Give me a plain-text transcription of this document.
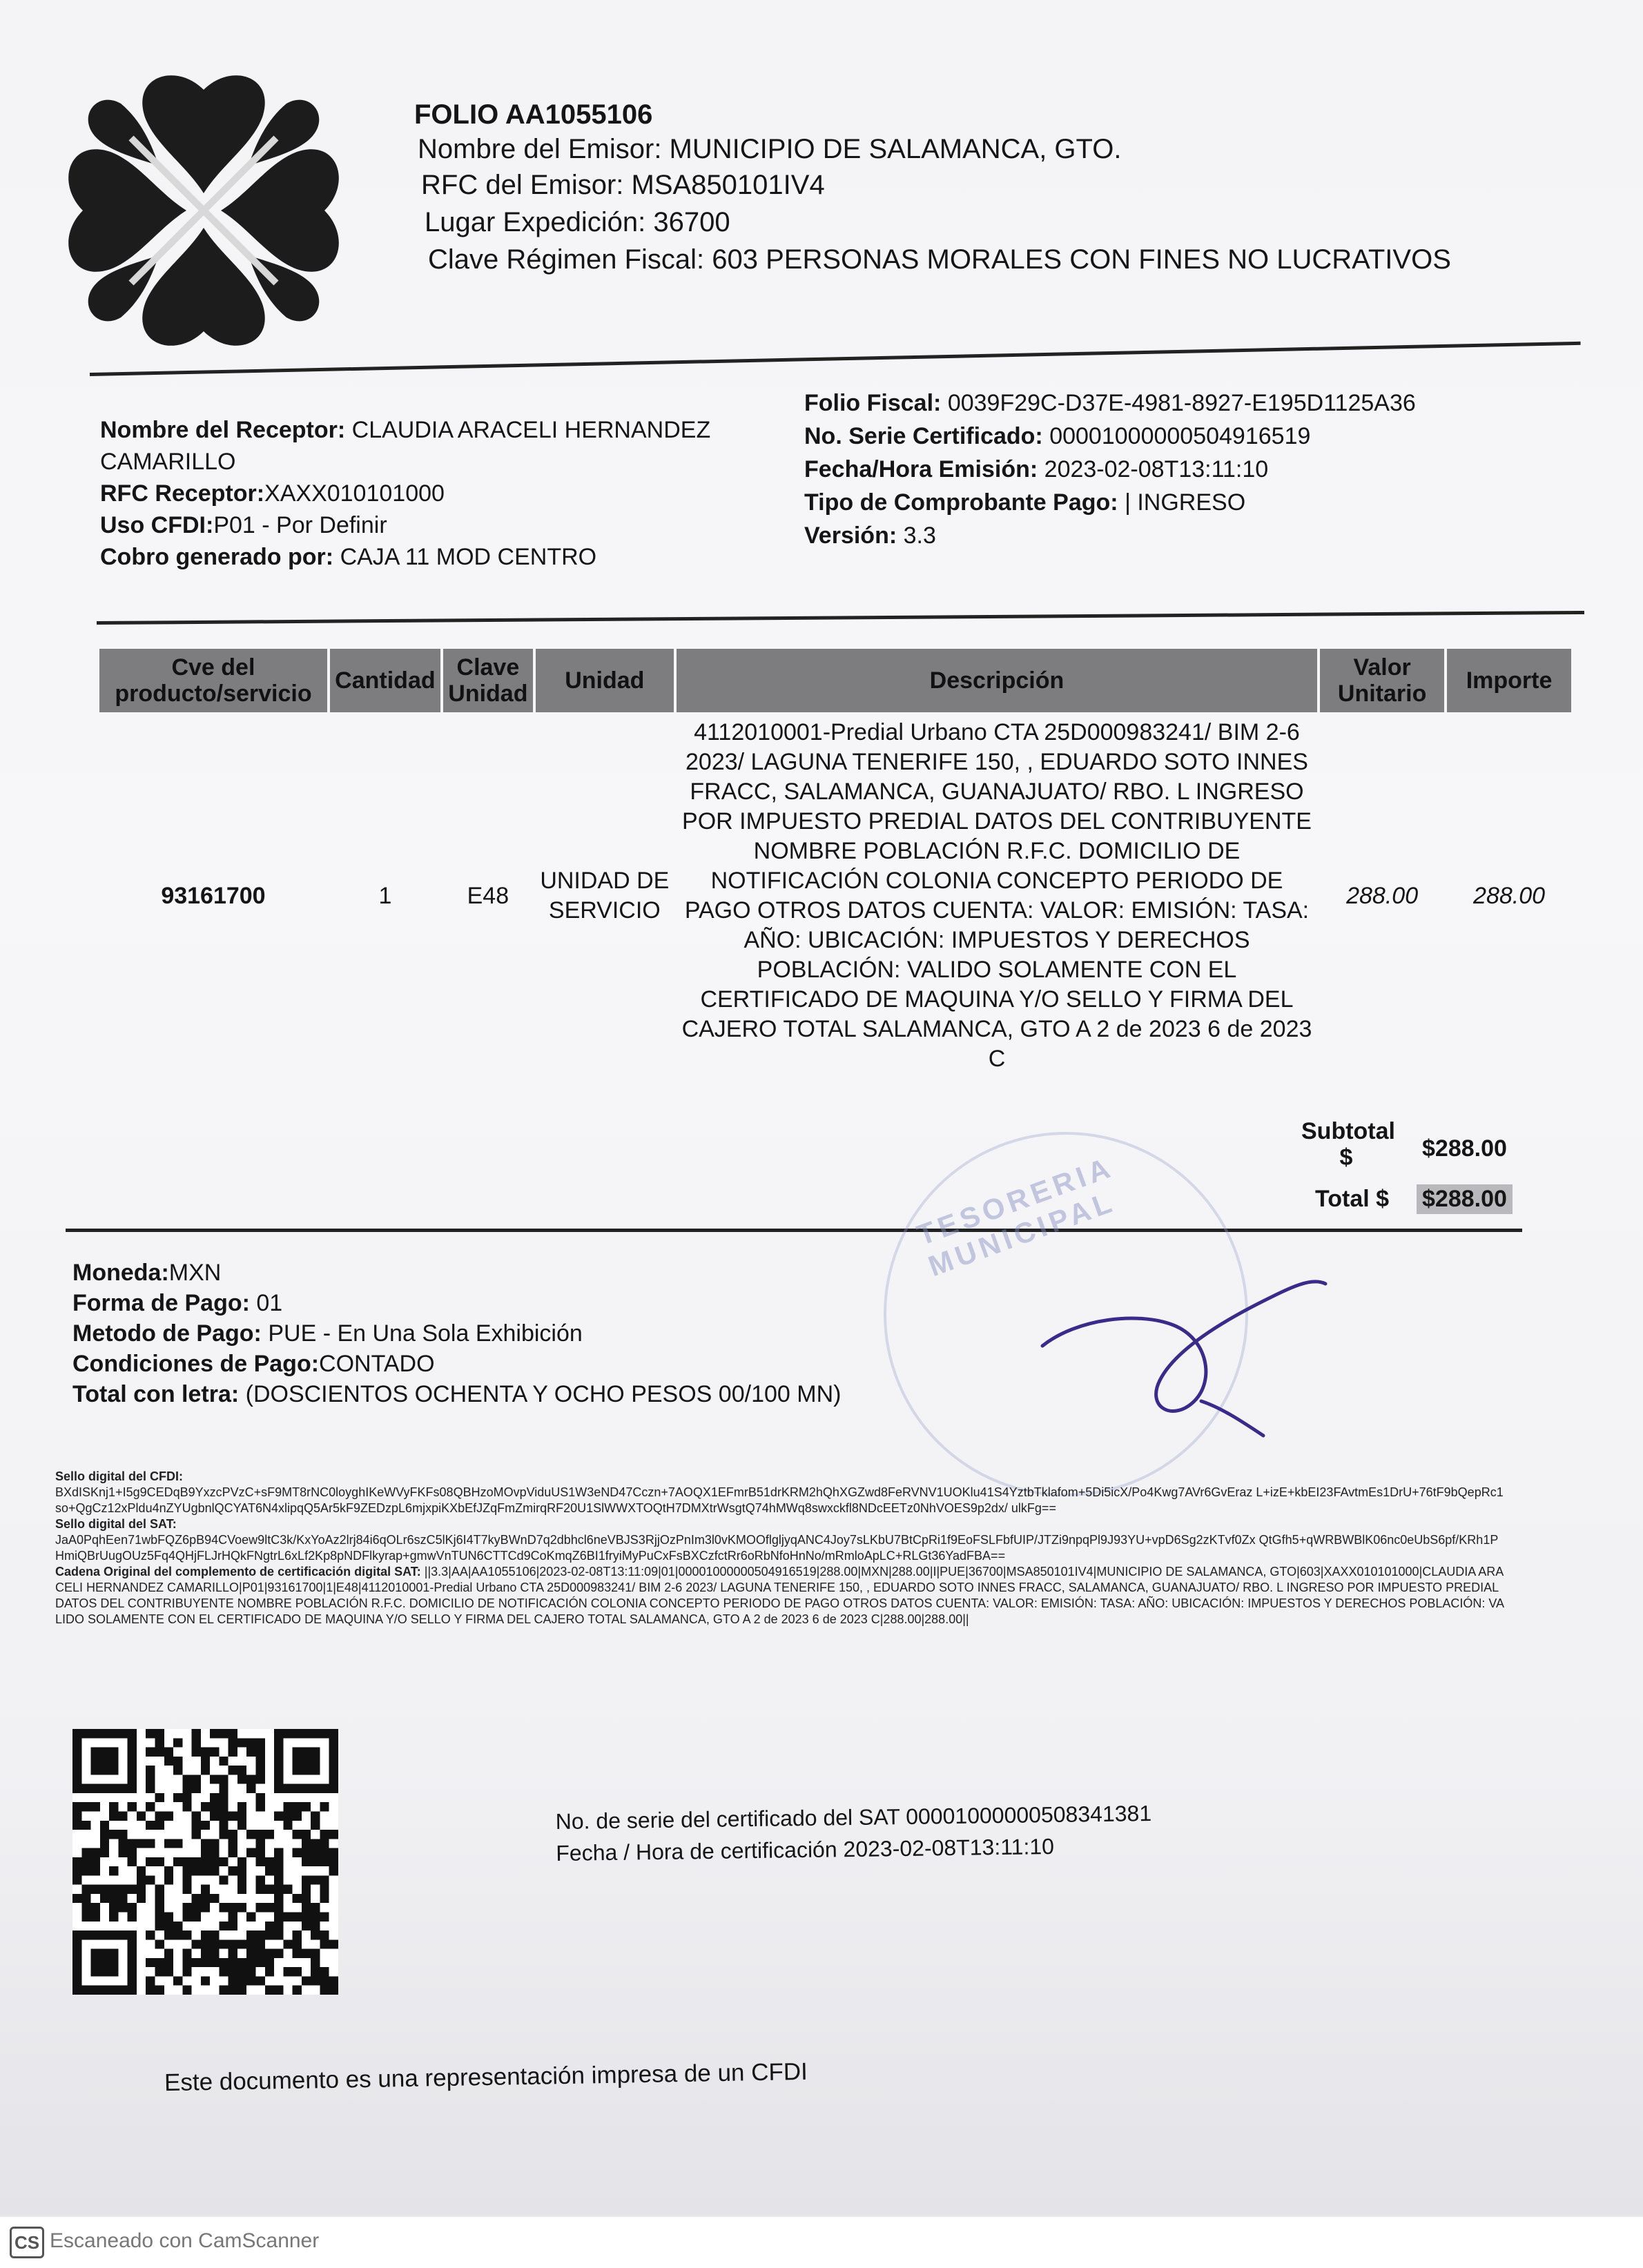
FOLIO AA1055106
Nombre del Emisor: MUNICIPIO DE SALAMANCA, GTO.
RFC del Emisor: MSA850101IV4
Lugar Expedición: 36700
Clave Régimen Fiscal: 603 PERSONAS MORALES CON FINES NO LUCRATIVOS
Nombre del Receptor: CLAUDIA ARACELI HERNANDEZ
CAMARILLO
RFC Receptor:XAXX010101000
Uso CFDI:P01 - Por Definir
Cobro generado por: CAJA 11 MOD CENTRO
Folio Fiscal: 0039F29C-D37E-4981-8927-E195D1125A36
No. Serie Certificado: 00001000000504916519
Fecha/Hora Emisión: 2023-02-08T13:11:10
Tipo de Comprobante Pago: | INGRESO
Versión: 3.3
Cve del producto/servicio	Cantidad	Clave Unidad	Unidad	Descripción	Valor Unitario	Importe
93161700	1	E48	UNIDAD DE SERVICIO	4112010001-Predial Urbano CTA 25D000983241/ BIM 2-6 2023/ LAGUNA TENERIFE 150, , EDUARDO SOTO INNES FRACC, SALAMANCA, GUANAJUATO/ RBO. L INGRESO POR IMPUESTO PREDIAL DATOS DEL CONTRIBUYENTE NOMBRE POBLACIÓN R.F.C. DOMICILIO DE NOTIFICACIÓN COLONIA CONCEPTO PERIODO DE PAGO OTROS DATOS CUENTA: VALOR: EMISIÓN: TASA: AÑO: UBICACIÓN: IMPUESTOS Y DERECHOS POBLACIÓN: VALIDO SOLAMENTE CON EL CERTIFICADO DE MAQUINA Y/O SELLO Y FIRMA DEL CAJERO TOTAL SALAMANCA, GTO A 2 de 2023 6 de 2023 C	288.00	288.00
Subtotal $	$288.00
Total $ $288.00
TESORERIA MUNICIPAL
Moneda:MXN
Forma de Pago: 01
Metodo de Pago: PUE - En Una Sola Exhibición
Condiciones de Pago:CONTADO
Total con letra: (DOSCIENTOS OCHENTA Y OCHO PESOS 00/100 MN)
Sello digital del CFDI:
BXdISKnj1+I5g9CEDqB9YxzcPVzC+sF9MT8rNC0loyghIKeWVyFKFs08QBHzoMOvpViduUS1W3eND47Cczn+7AOQX1EFmrB51drKRM2hQhXGZwd8FeRVNV1UOKlu41S4YztbTklafom+5Di5icX/Po4Kwg7AVr6GvEraz L+izE+kbEI23FAvtmEs1DrU+76tF9bQepRc1so+QgCz12xPldu4nZYUgbnlQCYAT6N4xlipqQ5Ar5kF9ZEDzpL6mjxpiKXbEfJZqFmZmirqRF20U1SlWWXTOQtH7DMXtrWsgtQ74hMWq8swxckfl8NDcEETz0NhVOES9p2dx/ ulkFg==
Sello digital del SAT:
JaA0PqhEen71wbFQZ6pB94CVoew9ltC3k/KxYoAz2lrj84i6qOLr6szC5lKj6I4T7kyBWnD7q2dbhcl6neVBJS3RjjOzPnIm3l0vKMOOflgljyqANC4Joy7sLKbU7BtCpRi1f9EoFSLFbfUIP/JTZi9npqPl9J93YU+vpD6Sg2zKTvf0Zx QtGfh5+qWRBWBlK06nc0eUbS6pf/KRh1PHmiQBrUugOUz5Fq4QHjFLJrHQkFNgtrL6xLf2Kp8pNDFlkyrap+gmwVnTUN6CTTCd9CoKmqZ6BI1fryiMyPuCxFsBXCzfctRr6oRbNfoHnNo/mRmloApLC+RLGt36YadFBA==
Cadena Original del complemento de certificación digital SAT: ||3.3|AA|AA1055106|2023-02-08T13:11:09|01|00001000000504916519|288.00|MXN|288.00|I|PUE|36700|MSA850101IV4|MUNICIPIO DE SALAMANCA, GTO|603|XAXX010101000|CLAUDIA ARACELI HERNANDEZ CAMARILLO|P01|93161700|1|E48|4112010001-Predial Urbano CTA 25D000983241/ BIM 2-6 2023/ LAGUNA TENERIFE 150, , EDUARDO SOTO INNES FRACC, SALAMANCA, GUANAJUATO/ RBO. L INGRESO POR IMPUESTO PREDIAL DATOS DEL CONTRIBUYENTE NOMBRE POBLACIÓN R.F.C. DOMICILIO DE NOTIFICACIÓN COLONIA CONCEPTO PERIODO DE PAGO OTROS DATOS CUENTA: VALOR: EMISIÓN: TASA: AÑO: UBICACIÓN: IMPUESTOS Y DERECHOS POBLACIÓN: VALIDO SOLAMENTE CON EL CERTIFICADO DE MAQUINA Y/O SELLO Y FIRMA DEL CAJERO TOTAL SALAMANCA, GTO A 2 de 2023 6 de 2023 C|288.00|288.00||
No. de serie del certificado del SAT 00001000000508341381
Fecha / Hora de certificación 2023-02-08T13:11:10
Este documento es una representación impresa de un CFDI
CS Escaneado con CamScanner
